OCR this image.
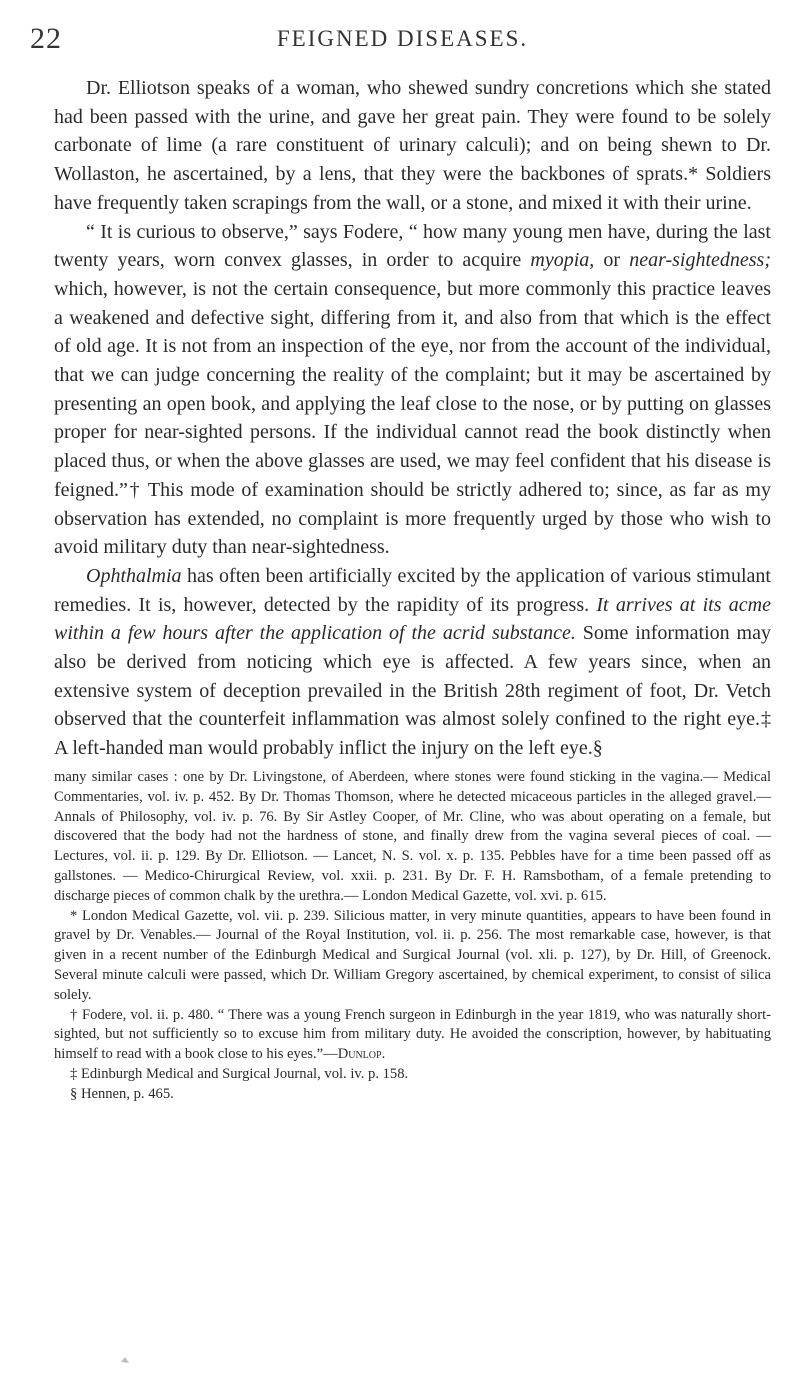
22	FEIGNED DISEASES.

Dr. Elliotson speaks of a woman, who shewed sundry concretions which she stated had been passed with the urine, and gave her great pain. They were found to be solely carbonate of lime (a rare constituent of urinary calculi); and on being shewn to Dr. Wollaston, he ascertained, by a lens, that they were the backbones of sprats.* Soldiers have frequently taken scrapings from the wall, or a stone, and mixed it with their urine.

“ It is curious to observe,” says Fodere, “ how many young men have, during the last twenty years, worn convex glasses, in order to acquire myopia, or near-sightedness; which, however, is not the certain consequence, but more commonly this practice leaves a weakened and defective sight, differing from it, and also from that which is the effect of old age. It is not from an inspection of the eye, nor from the account of the individual, that we can judge concerning the reality of the complaint; but it may be ascertained by presenting an open book, and applying the leaf close to the nose, or by putting on glasses proper for near-sighted persons. If the individual cannot read the book distinctly when placed thus, or when the above glasses are used, we may feel confident that his disease is feigned.”† This mode of examination should be strictly adhered to; since, as far as my observation has extended, no complaint is more frequently urged by those who wish to avoid military duty than near-sightedness.

Ophthalmia has often been artificially excited by the application of various stimulant remedies. It is, however, detected by the rapidity of its progress. It arrives at its acme within a few hours after the application of the acrid substance. Some information may also be derived from noticing which eye is affected. A few years since, when an extensive system of deception prevailed in the British 28th regiment of foot, Dr. Vetch observed that the counterfeit inflammation was almost solely confined to the right eye.‡ A left-handed man would probably inflict the injury on the left eye.§

many similar cases : one by Dr. Livingstone, of Aberdeen, where stones were found sticking in the vagina.— Medical Commentaries, vol. iv. p. 452. By Dr. Thomas Thomson, where he detected micaceous particles in the alleged gravel.— Annals of Philosophy, vol. iv. p. 76. By Sir Astley Cooper, of Mr. Cline, who was about operating on a female, but discovered that the body had not the hardness of stone, and finally drew from the vagina several pieces of coal. — Lectures, vol. ii. p. 129. By Dr. Elliotson. — Lancet, N. S. vol. x. p. 135. Pebbles have for a time been passed off as gallstones. — Medico-Chirurgical Review, vol. xxii. p. 231. By Dr. F. H. Ramsbotham, of a female pretending to discharge pieces of common chalk by the urethra.— London Medical Gazette, vol. xvi. p. 615.

* London Medical Gazette, vol. vii. p. 239. Silicious matter, in very minute quantities, appears to have been found in gravel by Dr. Venables.— Journal of the Royal Institution, vol. ii. p. 256. The most remarkable case, however, is that given in a recent number of the Edinburgh Medical and Surgical Journal (vol. xli. p. 127), by Dr. Hill, of Greenock. Several minute calculi were passed, which Dr. William Gregory ascertained, by chemical experiment, to consist of silica solely.

† Fodere, vol. ii. p. 480. “ There was a young French surgeon in Edinburgh in the year 1819, who was naturally short-sighted, but not sufficiently so to excuse him from military duty. He avoided the conscription, however, by habituating himself to read with a book close to his eyes.”—Dunlop.

‡ Edinburgh Medical and Surgical Journal, vol. iv. p. 158.

§ Hennen, p. 465.
